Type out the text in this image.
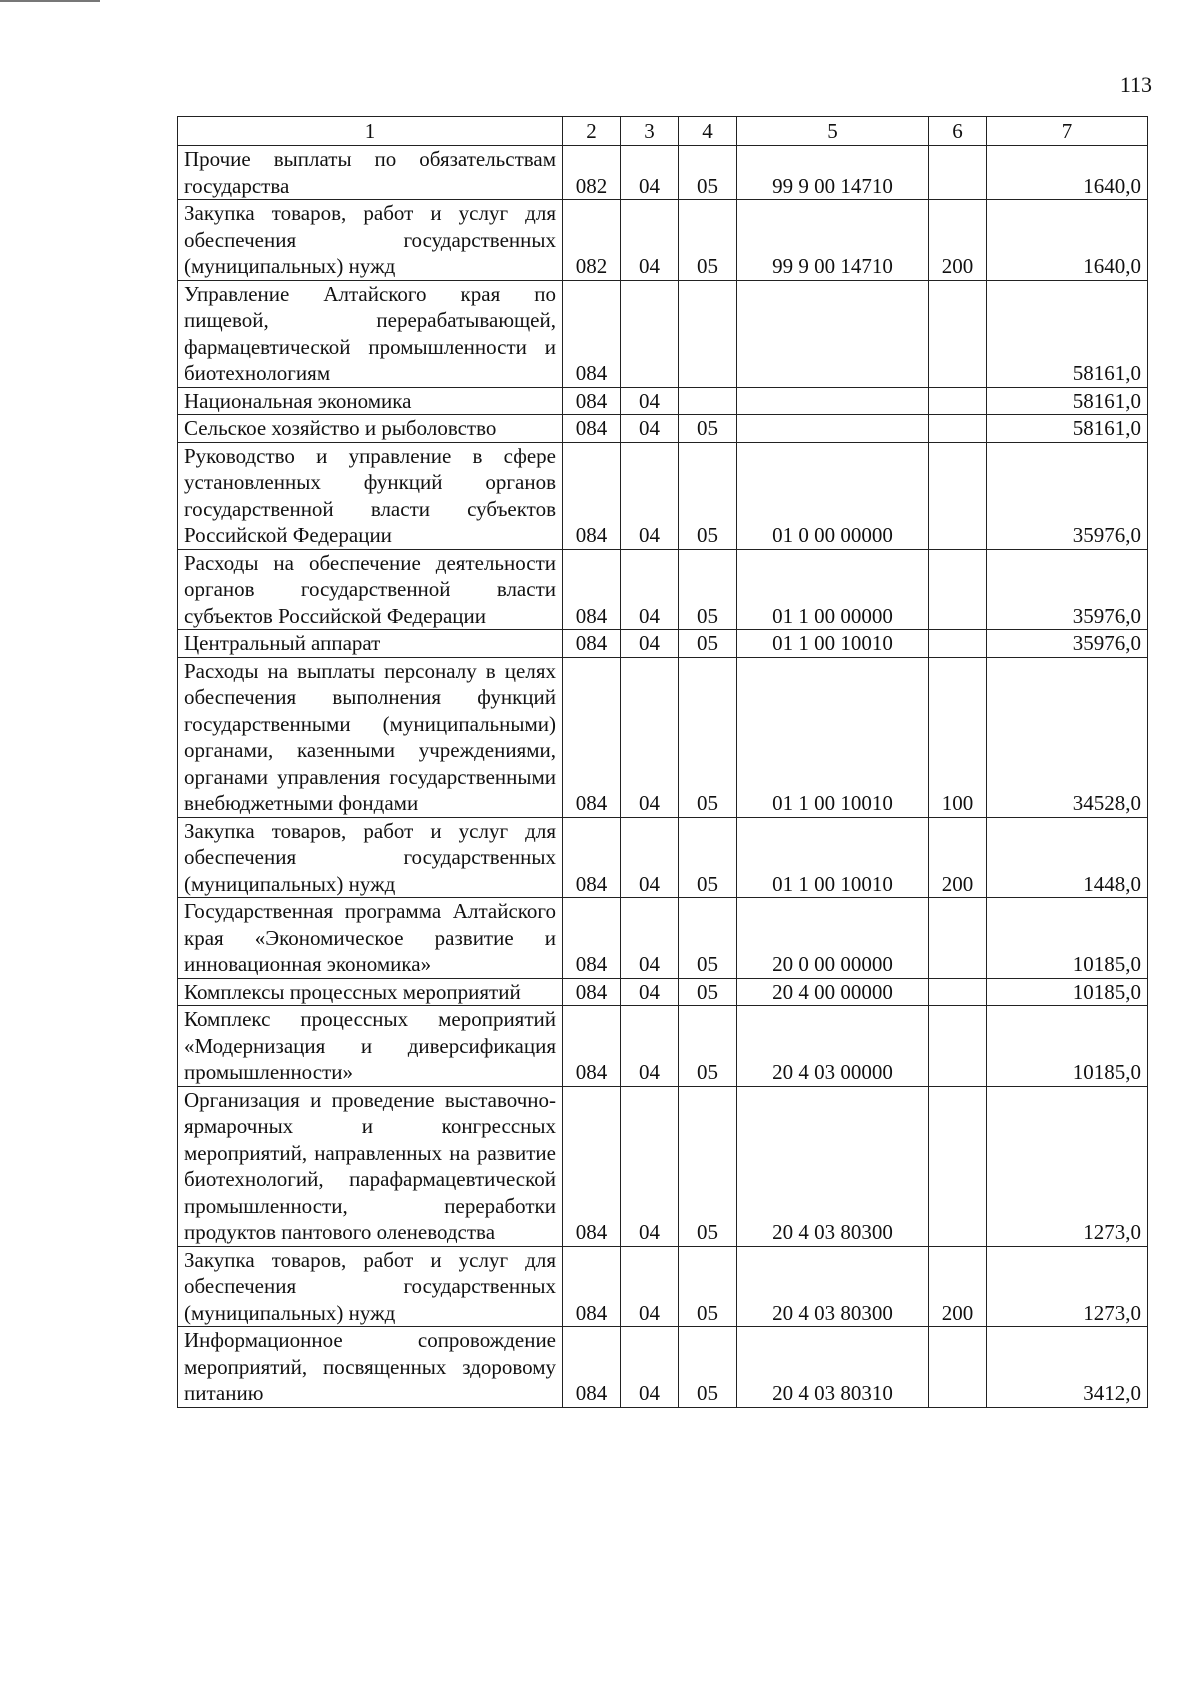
113
1	2	3	4	5	6	7
Прочие выплаты по обязательствам государства	082	04	05	99 9 00 14710		1640,0
Закупка товаров, работ и услуг для обеспечения государственных (муниципальных) нужд	082	04	05	99 9 00 14710	200	1640,0
Управление Алтайского края по пищевой, перерабатывающей, фармацевтической промышленности и биотехнологиям	084					58161,0
Национальная экономика	084	04				58161,0
Сельское хозяйство и рыболовство	084	04	05			58161,0
Руководство и управление в сфере установленных функций органов государственной власти субъектов Российской Федерации	084	04	05	01 0 00 00000		35976,0
Расходы на обеспечение деятельности органов государственной власти субъектов Российской Федерации	084	04	05	01 1 00 00000		35976,0
Центральный аппарат	084	04	05	01 1 00 10010		35976,0
Расходы на выплаты персоналу в целях обеспечения выполнения функций государственными (муниципальными) органами, казенными учреждениями, органами управления государственными внебюджетными фондами	084	04	05	01 1 00 10010	100	34528,0
Закупка товаров, работ и услуг для обеспечения государственных (муниципальных) нужд	084	04	05	01 1 00 10010	200	1448,0
Государственная программа Алтайского края «Экономическое развитие и инновационная экономика»	084	04	05	20 0 00 00000		10185,0
Комплексы процессных мероприятий	084	04	05	20 4 00 00000		10185,0
Комплекс процессных мероприятий «Модернизация и диверсификация промышленности»	084	04	05	20 4 03 00000		10185,0
Организация и проведение выставочно-ярмарочных и конгрессных мероприятий, направленных на развитие биотехнологий, парафармацевтической промышленности, переработки продуктов пантового оленеводства	084	04	05	20 4 03 80300		1273,0
Закупка товаров, работ и услуг для обеспечения государственных (муниципальных) нужд	084	04	05	20 4 03 80300	200	1273,0
Информационное сопровождение мероприятий, посвященных здоровому питанию	084	04	05	20 4 03 80310		3412,0
